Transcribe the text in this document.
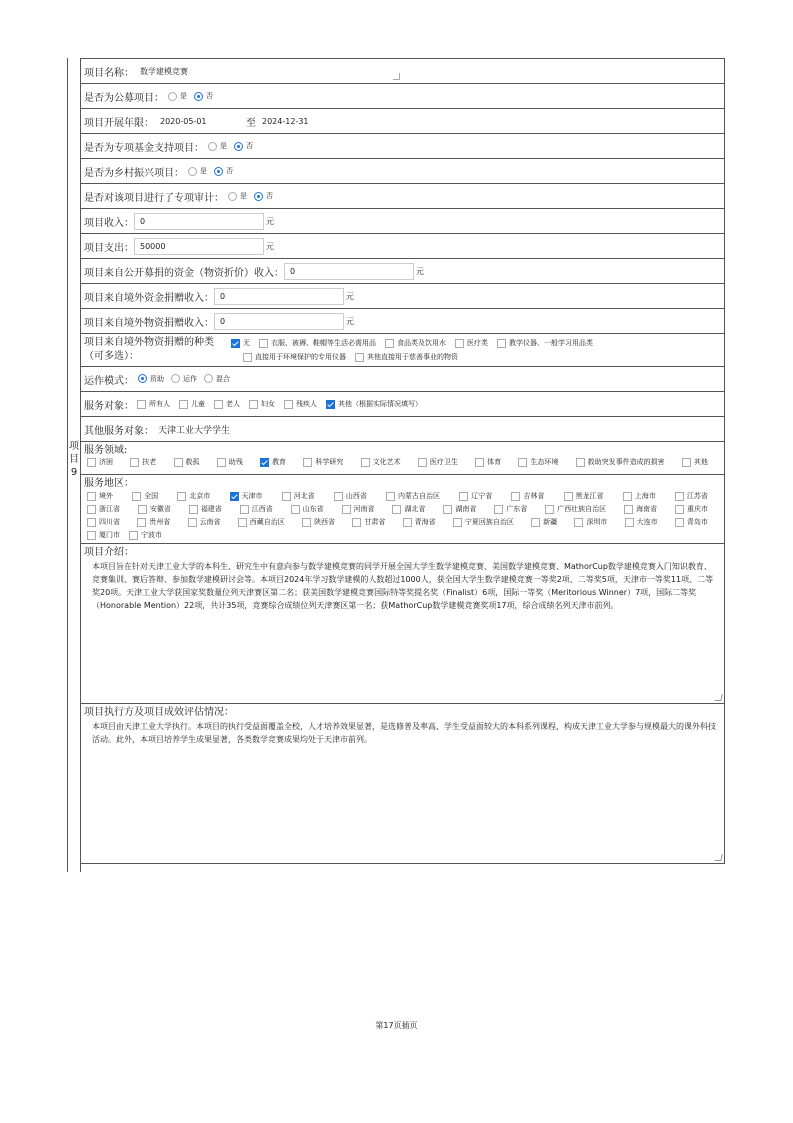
项
目
9
项目名称： 数学建模竞赛
是否为公募项目： 是	否
项目开展年限： 2020-05-01	至 2024-12-31
是否为专项基金支持项目： 是	否
是否为乡村振兴项目： 是	否
是否对该项目进行了专项审计： 是	否
项目收入： 0	元
项目支出： 50000	元
项目来自公开募捐的资金（物资折价）收入： 0	元
项目来自境外资金捐赠收入： 0	元
项目来自境外物资捐赠收入： 0	元
项目来自境外物资捐赠的种类
（可多选）：
无	衣服、被褥、鞋帽等生活必需用品	食品类及饮用水	医疗类	教学仪器、一般学习用品类
直接用于环境保护的专用仪器	其他直接用于慈善事业的物资
运作模式：	资助	运作	混合
服务对象： 所有人	儿童	老人	妇女	残疾人	其他（根据实际情况填写）
其他服务对象： 天津工业大学学生
服务领域:
济困	扶老	救孤	助残	教育	科学研究	文化艺术	医疗卫生	体育	生态环境	救助突发事件造成的损害	其他
服务地区：
境外	全国	北京市	天津市	河北省	山西省	内蒙古自治区	辽宁省	吉林省	黑龙江省	上海市	江苏省
浙江省	安徽省	福建省	江西省	山东省	河南省	湖北省	湖南省	广东省	广西壮族自治区	海南省	重庆市
四川省	贵州省	云南省	西藏自治区	陕西省	甘肃省	青海省	宁夏回族自治区	新疆	深圳市	大连市	青岛市
厦门市	宁波市
项目介绍：
本项目旨在针对天津工业大学的本科生、研究生中有意向参与数学建模竞赛的同学开展全国大学生数学建模竞赛、美国数学建模竞赛、MathorCup数学建模竞赛入门知识教育、竞赛集训、赛后答辩、参加数学建模研讨会等。本项目2024年学习数学建模的人数超过1000人，获全国大学生数学建模竞赛一等奖2项、二等奖5项，天津市一等奖11项、二等奖20项。天津工业大学获国家奖数量位列天津赛区第二名；获美国数学建模竞赛国际特等奖提名奖（Finalist）6项，国际一等奖（Meritorious Winner）7项，国际二等奖（Honorable Mention）22项，共计35项，竞赛综合成绩位列天津赛区第一名；获MathorCup数学建模竞赛奖项17项，综合成绩名列天津市前列。
项目执行方及项目成效评估情况：
本项目由天津工业大学执行。本项目的执行受益面覆盖全校，人才培养效果显著，是选修普及率高、学生受益面较大的本科系列课程，构成天津工业大学参与规模最大的课外科技活动。此外，本项目培养学生成果显著，各类数学竞赛成果均处于天津市前列。
第17页插页
